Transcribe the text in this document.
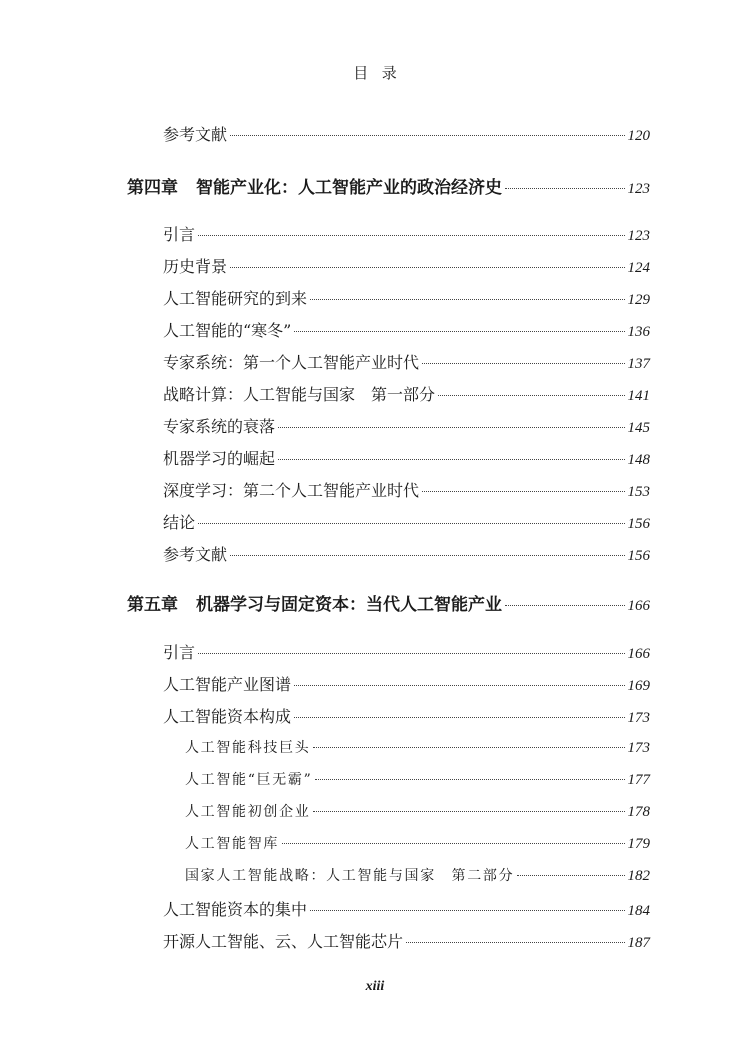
目录
参考文献	120
第四章 智能产业化：人工智能产业的政治经济史	123
引言	123
历史背景	124
人工智能研究的到来	129
人工智能的“寒冬”	136
专家系统：第一个人工智能产业时代	137
战略计算：人工智能与国家　第一部分	141
专家系统的衰落	145
机器学习的崛起	148
深度学习：第二个人工智能产业时代	153
结论	156
参考文献	156
第五章 机器学习与固定资本：当代人工智能产业	166
引言	166
人工智能产业图谱	169
人工智能资本构成	173
人工智能科技巨头	173
人工智能“巨无霸”	177
人工智能初创企业	178
人工智能智库	179
国家人工智能战略：人工智能与国家　第二部分	182
人工智能资本的集中	184
开源人工智能、云、人工智能芯片	187
xiii
